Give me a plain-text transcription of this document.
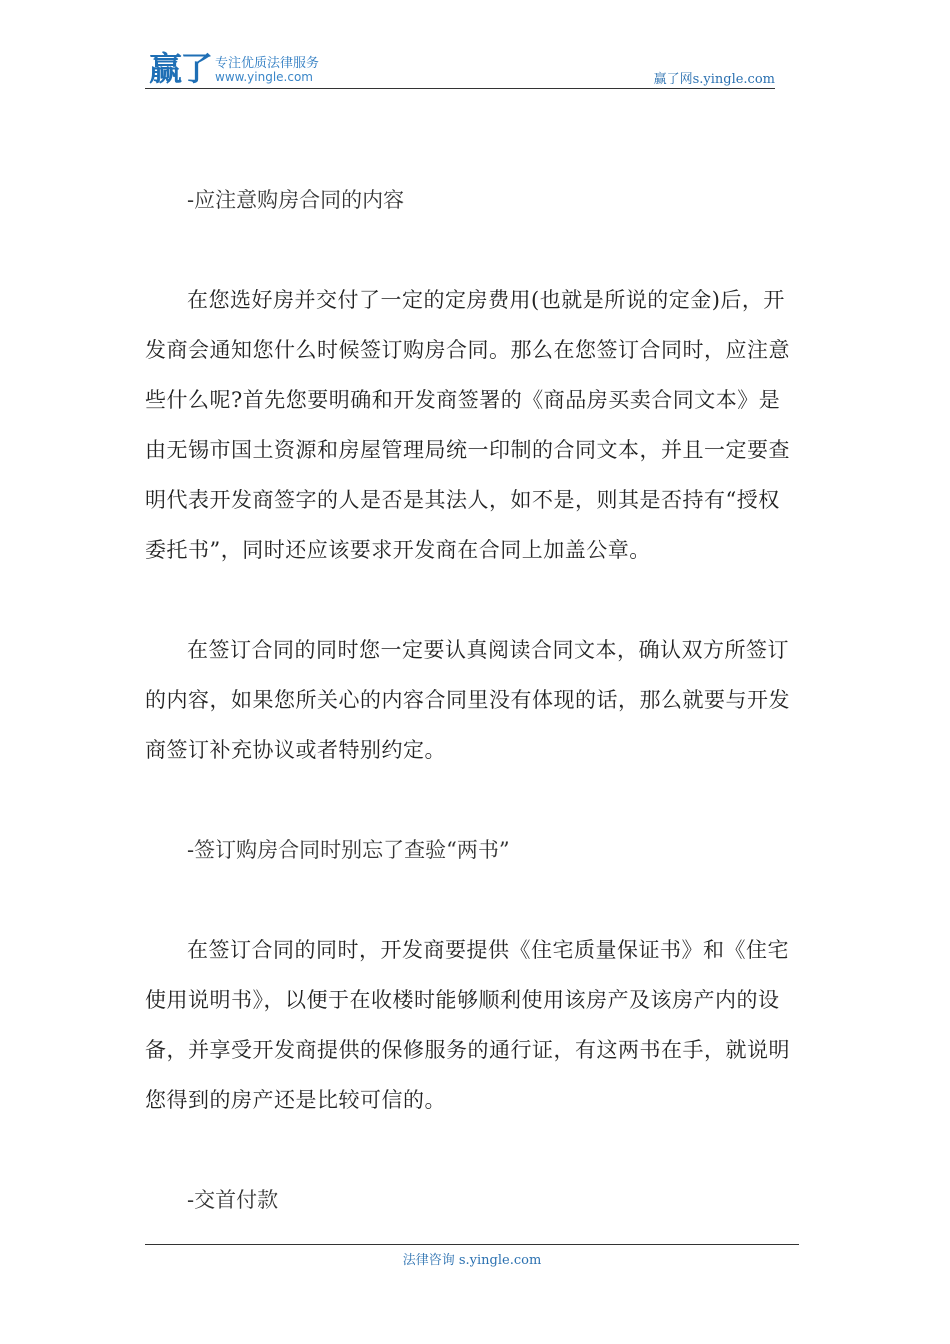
赢了 专注优质法律服务
www.yingle.com	赢了网s.yingle.com

-应注意购房合同的内容

在您选好房并交付了一定的定房费用(也就是所说的定金)后，开发商会通知您什么时候签订购房合同。那么在您签订合同时，应注意些什么呢?首先您要明确和开发商签署的《商品房买卖合同文本》是由无锡市国土资源和房屋管理局统一印制的合同文本，并且一定要查明代表开发商签字的人是否是其法人，如不是，则其是否持有“授权委托书”，同时还应该要求开发商在合同上加盖公章。

在签订合同的同时您一定要认真阅读合同文本，确认双方所签订的内容，如果您所关心的内容合同里没有体现的话，那么就要与开发商签订补充协议或者特别约定。

-签订购房合同时别忘了查验“两书”

在签订合同的同时，开发商要提供《住宅质量保证书》和《住宅使用说明书》，以便于在收楼时能够顺利使用该房产及该房产内的设备，并享受开发商提供的保修服务的通行证，有这两书在手，就说明您得到的房产还是比较可信的。

-交首付款

法律咨询 s.yingle.com
